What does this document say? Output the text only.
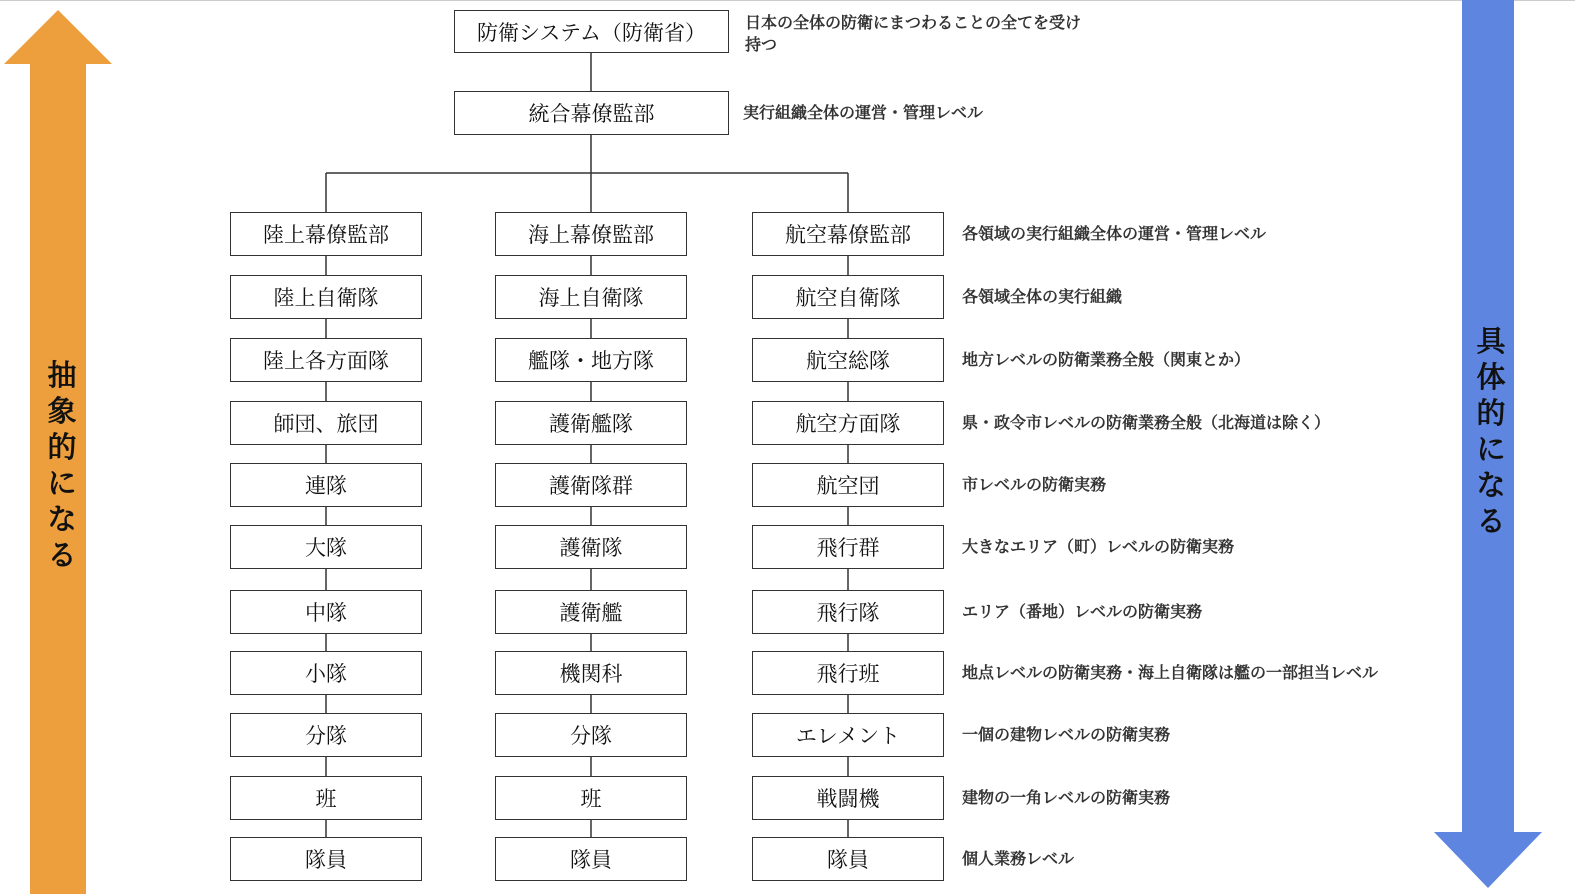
抽象的になる
具体的になる
防衛システム（防衛省） 日本の全体の防衛にまつわることの全てを受け持つ
統合幕僚監部	実行組織全体の運営・管理レベル
陸上幕僚監部
陸上自衛隊
陸上各方面隊
師団、旅団
連隊
大隊
中隊
小隊
分隊
班
隊員
海上幕僚監部
海上自衛隊
艦隊・地方隊
護衛艦隊
護衛隊群
護衛隊
護衛艦
機関科
分隊
班
隊員
航空幕僚監部
航空自衛隊
航空総隊
航空方面隊
航空団
飛行群
飛行隊
飛行班
エレメント
戦闘機
隊員
各領域の実行組織全体の運営・管理レベル
各領域全体の実行組織
地方レベルの防衛業務全般（関東とか）
県・政令市レベルの防衛業務全般（北海道は除く）
市レベルの防衛実務
大きなエリア（町）レベルの防衛実務
エリア（番地）レベルの防衛実務
地点レベルの防衛実務・海上自衛隊は艦の一部担当レベル
一個の建物レベルの防衛実務
建物の一角レベルの防衛実務
個人業務レベル
